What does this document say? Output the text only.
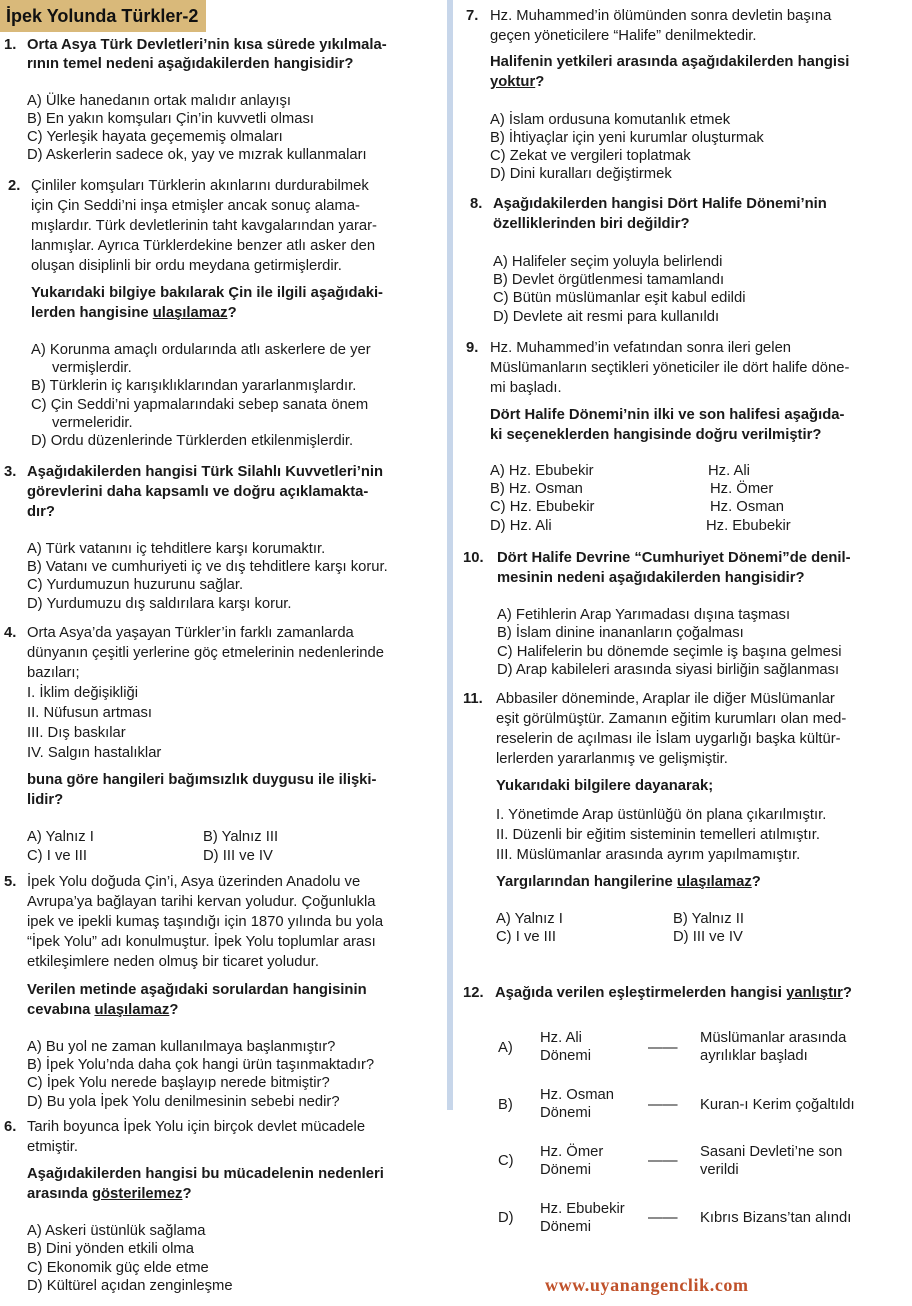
İpek Yolunda Türkler-2
1. Orta Asya Türk Devletleri’nin kısa sürede yıkılmala-
rının temel nedeni aşağıdakilerden hangisidir?
A) Ülke hanedanın ortak malıdır anlayışı
B) En yakın komşuları Çin’in kuvvetli olması
C) Yerleşik hayata geçememiş olmaları
D) Askerlerin sadece ok, yay ve mızrak kullanmaları
2. Çinliler komşuları Türklerin akınlarını durdurabilmek
için Çin Seddi’ni inşa etmişler ancak sonuç alama-
mışlardır. Türk devletlerinin taht kavgalarından yarar-
lanmışlar. Ayrıca Türklerdekine benzer atlı asker den
oluşan disiplinli bir ordu meydana getirmişlerdir.
Yukarıdaki bilgiye bakılarak Çin ile ilgili aşağıdaki-
lerden hangisine ulaşılamaz?
A) Korunma amaçlı ordularında atlı askerlere de yer
vermişlerdir.
B) Türklerin iç karışıklıklarından yararlanmışlardır.
C) Çin Seddi’ni yapmalarındaki sebep sanata önem
vermeleridir.
D) Ordu düzenlerinde Türklerden etkilenmişlerdir.
3. Aşağıdakilerden hangisi Türk Silahlı Kuvvetleri’nin
görevlerini daha kapsamlı ve doğru açıklamakta-
dır?
A) Türk vatanını iç tehditlere karşı korumaktır.
B) Vatanı ve cumhuriyeti iç ve dış tehditlere karşı korur.
C) Yurdumuzun huzurunu sağlar.
D) Yurdumuzu dış saldırılara karşı korur.
4. Orta Asya’da yaşayan Türkler’in farklı zamanlarda
dünyanın çeşitli yerlerine göç etmelerinin nedenlerinde
bazıları;
I. İklim değişikliği
II. Nüfusun artması
III. Dış baskılar
IV. Salgın hastalıklar
buna göre hangileri bağımsızlık duygusu ile ilişki-
lidir?
A) Yalnız I	B) Yalnız III
C) I ve III	D) III ve IV
5. İpek Yolu doğuda Çin’i, Asya üzerinden Anadolu ve
Avrupa’ya bağlayan tarihi kervan yoludur. Çoğunlukla
ipek ve ipekli kumaş taşındığı için 1870 yılında bu yola
“İpek Yolu” adı konulmuştur. İpek Yolu toplumlar arası
etkileşimlere neden olmuş bir ticaret yoludur.
Verilen metinde aşağıdaki sorulardan hangisinin
cevabına ulaşılamaz?
A) Bu yol ne zaman kullanılmaya başlanmıştır?
B) İpek Yolu’nda daha çok hangi ürün taşınmaktadır?
C) İpek Yolu nerede başlayıp nerede bitmiştir?
D) Bu yola İpek Yolu denilmesinin sebebi nedir?
6. Tarih boyunca İpek Yolu için birçok devlet mücadele
etmiştir.
Aşağıdakilerden hangisi bu mücadelenin nedenleri
arasında gösterilemez?
A) Askeri üstünlük sağlama
B) Dini yönden etkili olma
C) Ekonomik güç elde etme
D) Kültürel açıdan zenginleşme
7. Hz. Muhammed’in ölümünden sonra devletin başına
geçen yöneticilere “Halife” denilmektedir.
Halifenin yetkileri arasında aşağıdakilerden hangisi
yoktur?
A) İslam ordusuna komutanlık etmek
B) İhtiyaçlar için yeni kurumlar oluşturmak
C) Zekat ve vergileri toplatmak
D) Dini kuralları değiştirmek
8. Aşağıdakilerden hangisi Dört Halife Dönemi’nin
özelliklerinden biri değildir?
A) Halifeler seçim yoluyla belirlendi
B) Devlet örgütlenmesi tamamlandı
C) Bütün müslümanlar eşit kabul edildi
D) Devlete ait resmi para kullanıldı
9. Hz. Muhammed’in vefatından sonra ileri gelen
Müslümanların seçtikleri yöneticiler ile dört halife döne-
mi başladı.
Dört Halife Dönemi’nin ilki ve son halifesi aşağıda-
ki seçeneklerden hangisinde doğru verilmiştir?
A) Hz. Ebubekir	Hz. Ali
B) Hz. Osman	Hz. Ömer
C) Hz. Ebubekir	Hz. Osman
D) Hz. Ali	Hz. Ebubekir
10. Dört Halife Devrine “Cumhuriyet Dönemi”de denil-
mesinin nedeni aşağıdakilerden hangisidir?
A) Fetihlerin Arap Yarımadası dışına taşması
B) İslam dinine inananların çoğalması
C) Halifelerin bu dönemde seçimle iş başına gelmesi
D) Arap kabileleri arasında siyasi birliğin sağlanması
11. Abbasiler döneminde, Araplar ile diğer Müslümanlar
eşit görülmüştür. Zamanın eğitim kurumları olan med-
reselerin de açılması ile İslam uygarlığı başka kültür-
lerlerden yararlanmış ve gelişmiştir.
Yukarıdaki bilgilere dayanarak;
I. Yönetimde Arap üstünlüğü ön plana çıkarılmıştır.
II. Düzenli bir eğitim sisteminin temelleri atılmıştır.
III. Müslümanlar arasında ayrım yapılmamıştır.
Yargılarından hangilerine ulaşılamaz?
A) Yalnız I	B) Yalnız II
C) I ve III	D) III ve IV
12. Aşağıda verilen eşleştirmelerden hangisi yanlıştır?
A)
Hz. Ali
Dönemi	——
Müslümanlar arasında
ayrılıklar başladı
B)
Hz. Osman
Dönemi	—— Kuran-ı Kerim çoğaltıldı
C)
Hz. Ömer
Dönemi
——
Sasani Devleti’ne son
verildi
D)
Hz. Ebubekir
Dönemi
—— Kıbrıs Bizans’tan alındı
www.uyanangenclik.com
